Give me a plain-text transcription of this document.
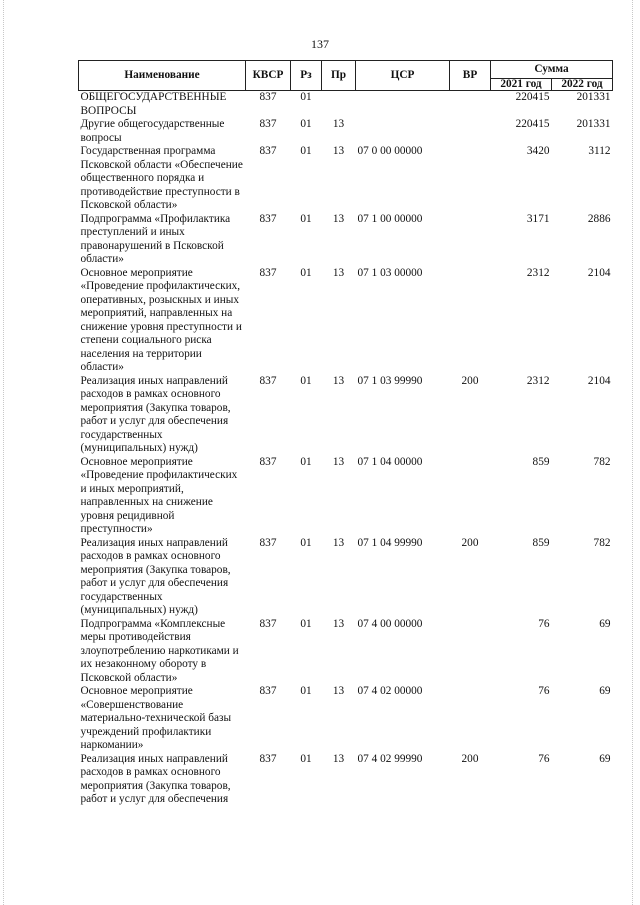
137
Наименование	КВСР	Рз	Пр	ЦСР	ВР	Сумма	
						2021 год	2022 год
ОБЩЕГОСУДАРСТВЕННЫЕ ВОПРОСЫ	837	01				220415	201331
Другие общегосударственные вопросы	837	01	13			220415	201331
Государственная программа Псковской области «Обеспечение общественного порядка и противодействие преступности в Псковской области»	837	01	13	07 0 00 00000		3420	3112
Подпрограмма «Профилактика преступлений и иных правонарушений в Псковской области»	837	01	13	07 1 00 00000		3171	2886
Основное мероприятие «Проведение профилактических, оперативных, розыскных и иных мероприятий, направленных на снижение уровня преступности и степени социального риска населения на территории области»	837	01	13	07 1 03 00000		2312	2104
Реализация иных направлений расходов в рамках основного мероприятия (Закупка товаров, работ и услуг для обеспечения государственных (муниципальных) нужд)	837	01	13	07 1 03 99990	200	2312	2104
Основное мероприятие «Проведение профилактических и иных мероприятий, направленных на снижение уровня рецидивной преступности»	837	01	13	07 1 04 00000		859	782
Реализация иных направлений расходов в рамках основного мероприятия (Закупка товаров, работ и услуг для обеспечения государственных (муниципальных) нужд)	837	01	13	07 1 04 99990	200	859	782
Подпрограмма «Комплексные меры противодействия злоупотреблению наркотиками и их незаконному обороту в Псковской области»	837	01	13	07 4 00 00000		76	69
Основное мероприятие «Совершенствование материально-технической базы учреждений профилактики наркомании»	837	01	13	07 4 02 00000		76	69
Реализация иных направлений расходов в рамках основного мероприятия (Закупка товаров, работ и услуг для обеспечения	837	01	13	07 4 02 99990	200	76	69
